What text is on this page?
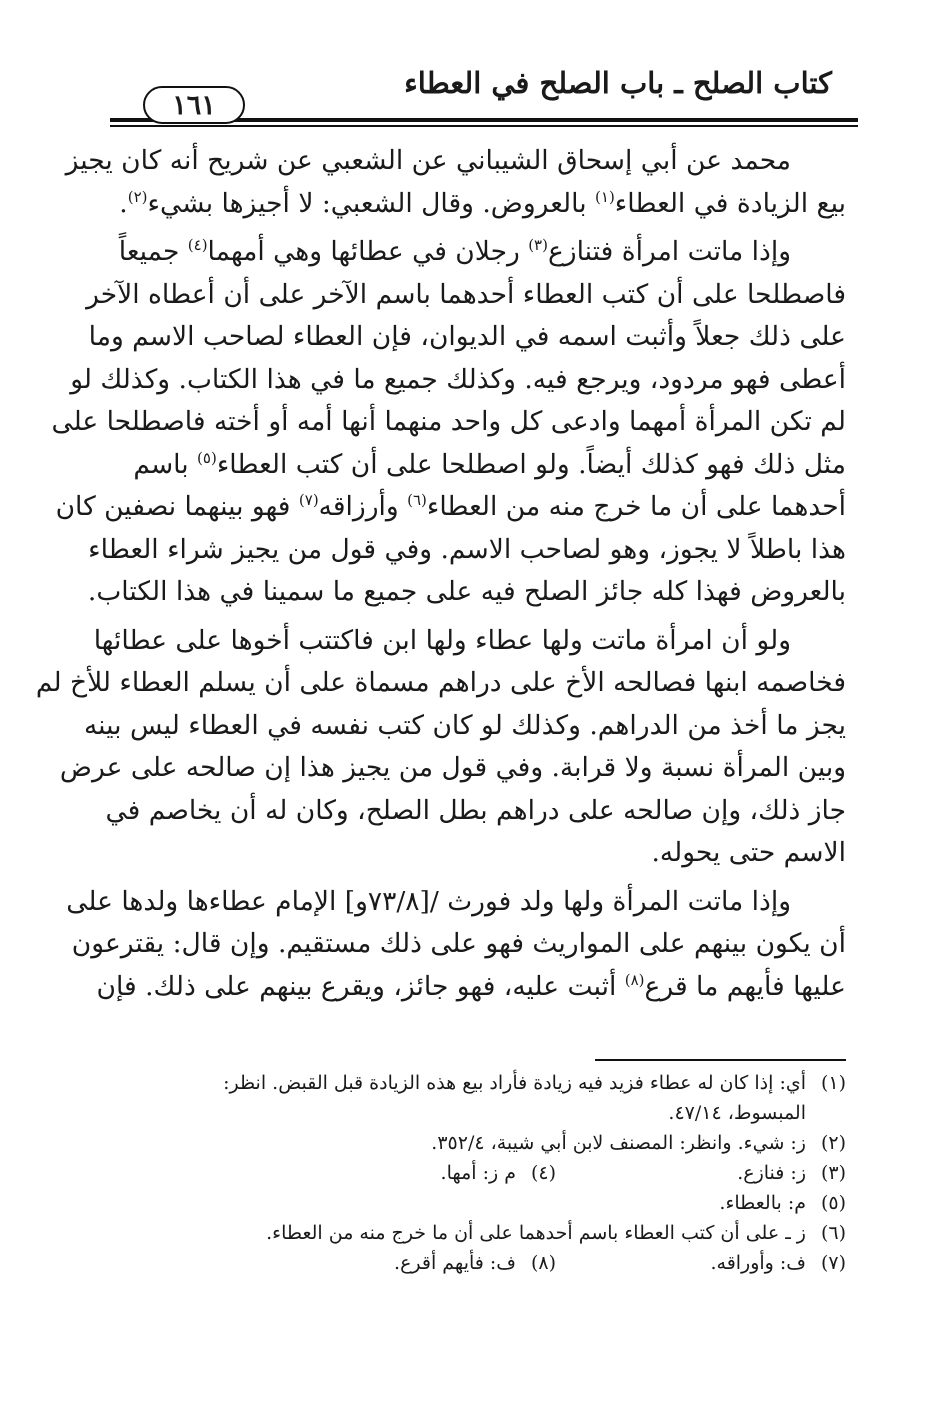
كتاب الصلح ـ باب الصلح في العطاء
١٦١
محمد عن أبي إسحاق الشيباني عن الشعبي عن شريح أنه كان يجيز
بيع الزيادة في العطاء$^{(١)}$ بالعروض. وقال الشعبي: لا أجيزها بشيء$^{(٢)}$.
وإذا ماتت امرأة فتنازع$^{(٣)}$ رجلان في عطائها وهي أمهما$^{(٤)}$ جميعاً
فاصطلحا على أن كتب العطاء أحدهما باسم الآخر على أن أعطاه الآخر
على ذلك جعلاً وأثبت اسمه في الديوان، فإن العطاء لصاحب الاسم وما
أعطى فهو مردود، ويرجع فيه. وكذلك جميع ما في هذا الكتاب. وكذلك لو
لم تكن المرأة أمهما وادعى كل واحد منهما أنها أمه أو أخته فاصطلحا على
مثل ذلك فهو كذلك أيضاً. ولو اصطلحا على أن كتب العطاء$^{(٥)}$ باسم
أحدهما على أن ما خرج منه من العطاء$^{(٦)}$ وأرزاقه$^{(٧)}$ فهو بينهما نصفين كان
هذا باطلاً لا يجوز، وهو لصاحب الاسم. وفي قول من يجيز شراء العطاء
بالعروض فهذا كله جائز الصلح فيه على جميع ما سمينا في هذا الكتاب.
ولو أن امرأة ماتت ولها عطاء ولها ابن فاكتتب أخوها على عطائها
فخاصمه ابنها فصالحه الأخ على دراهم مسماة على أن يسلم العطاء للأخ لم
يجز ما أخذ من الدراهم. وكذلك لو كان كتب نفسه في العطاء ليس بينه
وبين المرأة نسبة ولا قرابة. وفي قول من يجيز هذا إن صالحه على عرض
جاز ذلك، وإن صالحه على دراهم بطل الصلح، وكان له أن يخاصم في
الاسم حتى يحوله.
وإذا ماتت المرأة ولها ولد فورث /[٧٣/٨و] الإمام عطاءها ولدها على
أن يكون بينهم على المواريث فهو على ذلك مستقيم. وإن قال: يقترعون
عليها فأيهم ما قرع$^{(٨)}$ أثبت عليه، فهو جائز، ويقرع بينهم على ذلك. فإن
(١)أي: إذا كان له عطاء فزيد فيه زيادة فأراد بيع هذه الزيادة قبل القبض. انظر:
المبسوط، ٤٧/١٤.
(٢)ز: شيء. وانظر: المصنف لابن أبي شيبة، ٣٥٢/٤.
(٣)ز: فنازع.(٤)م ز: أمها.
(٥)م: بالعطاء.
(٦)ز ـ على أن كتب العطاء باسم أحدهما على أن ما خرج منه من العطاء.
(٧)ف: وأوراقه.(٨)ف: فأيهم أقرع.
